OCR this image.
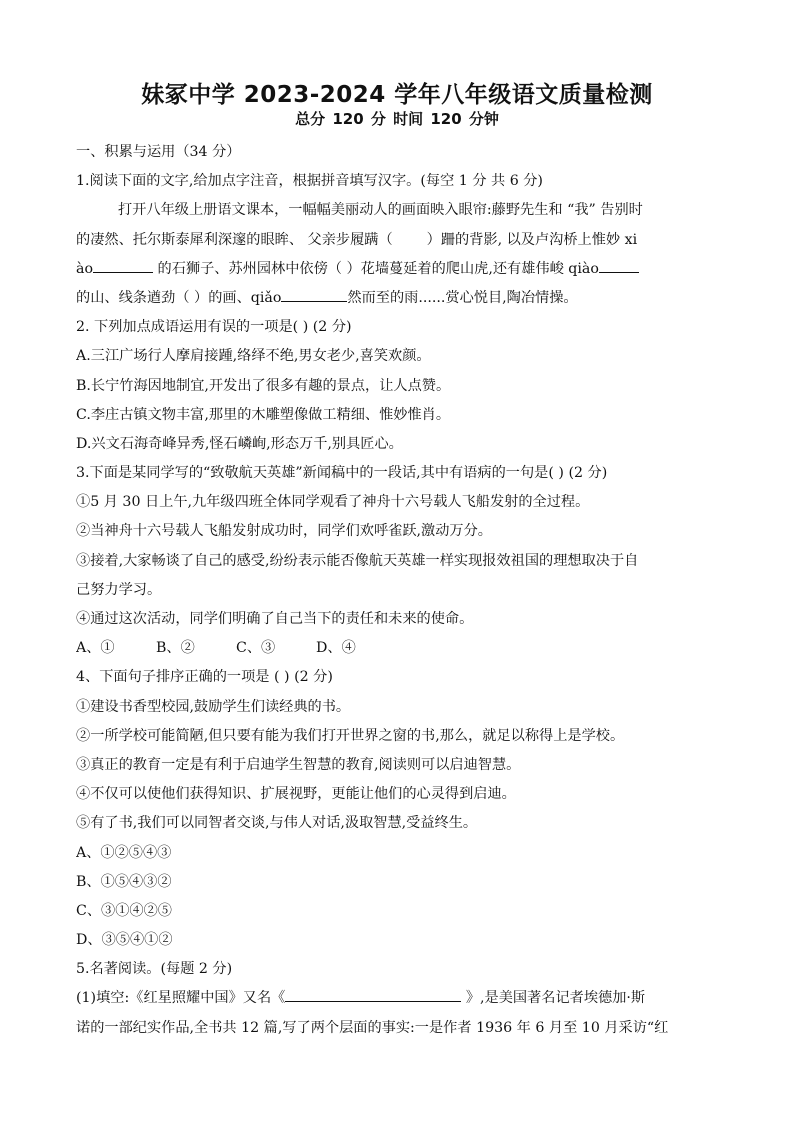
妹冢中学 2023-2024 学年八年级语文质量检测
总分 120 分 时间 120 分钟
一、积累与运用（34 分）
1.阅读下面的文字,给加点字注音，根据拼音填写汉字。(每空 1 分 共 6 分)
打开八年级上册语文课本，一幅幅美丽动人的画面映入眼帘:藤野先生和 “我” 告别时
的凄然、托尔斯泰犀利深邃的眼眸、 父亲步履蹒（ ）跚的背影, 以及卢沟桥上惟妙 xi
ào	的石狮子、苏州园林中依傍（ ）花墙蔓延着的爬山虎,还有雄伟峻 qiào
的山、线条遒劲（ ）的画、qiǎo	然而至的雨......赏心悦目,陶冶情操。
2. 下列加点成语运用有误的一项是( ) (2 分)
A.三江广场行人摩肩接踵,络绎不绝,男女老少,喜笑欢颜。
B.长宁竹海因地制宜,开发出了很多有趣的景点，让人点赞。
C.李庄古镇文物丰富,那里的木雕塑像做工精细、惟妙惟肖。
D.兴文石海奇峰异秀,怪石嶙峋,形态万千,别具匠心。
3.下面是某同学写的“致敬航天英雄”新闻稿中的一段话,其中有语病的一句是( ) (2 分)
①5 月 30 日上午,九年级四班全体同学观看了神舟十六号载人飞船发射的全过程。
②当神舟十六号载人飞船发射成功时，同学们欢呼雀跃,激动万分。
③接着,大家畅谈了自己的感受,纷纷表示能否像航天英雄一样实现报效祖国的理想取决于自
己努力学习。
④通过这次活动，同学们明确了自己当下的责任和未来的使命。
A、①	B、②	C、③	D、④
4、下面句子排序正确的一项是 ( ) (2 分)
①建设书香型校园,鼓励学生们读经典的书。
②一所学校可能简陋,但只要有能为我们打开世界之窗的书,那么，就足以称得上是学校。
③真正的教育一定是有利于启迪学生智慧的教育,阅读则可以启迪智慧。
④不仅可以使他们获得知识、扩展视野，更能让他们的心灵得到启迪。
⑤有了书,我们可以同智者交谈,与伟人对话,汲取智慧,受益终生。
A、①②⑤④③
B、①⑤④③②
C、③①④②⑤
D、③⑤④①②
5.名著阅读。(每题 2 分)
(1)填空:《红星照耀中国》又名《	》,是美国著名记者埃德加·斯
诺的一部纪实作品,全书共 12 篇,写了两个层面的事实:一是作者 1936 年 6 月至 10 月采访“红
